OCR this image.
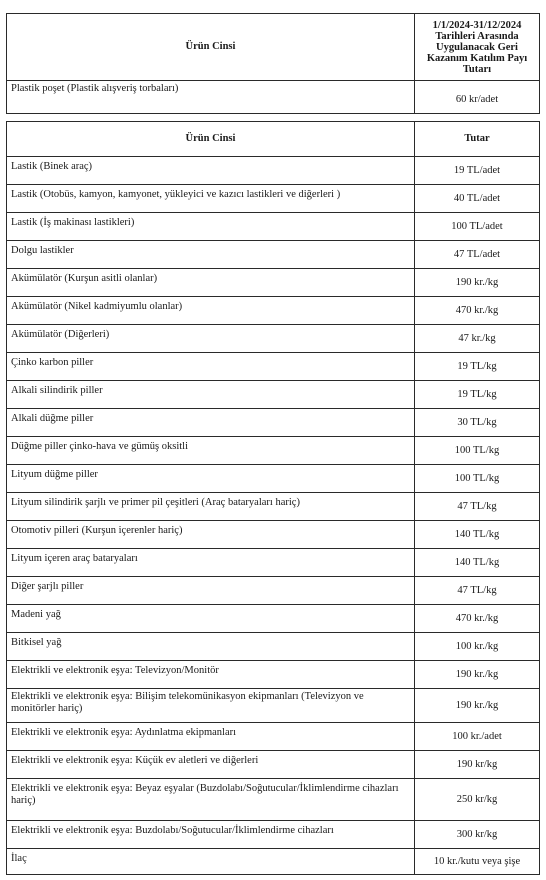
Ürün Cinsi	1/1/2024-31/12/2024 Tarihleri Arasında Uygulanacak Geri Kazanım Katılım Payı Tutarı
Plastik poşet (Plastik alışveriş torbaları)	60 kr/adet
Ürün Cinsi	Tutar
Lastik (Binek araç)	19 TL/adet
Lastik (Otobüs, kamyon, kamyonet, yükleyici ve kazıcı lastikleri ve diğerleri )	40 TL/adet
Lastik (İş makinası lastikleri)	100 TL/adet
Dolgu lastikler	47 TL/adet
Akümülatör (Kurşun asitli olanlar)	190 kr./kg
Akümülatör (Nikel kadmiyumlu olanlar)	470 kr./kg
Akümülatör (Diğerleri)	47 kr./kg
Çinko karbon piller	19 TL/kg
Alkali silindirik piller	19 TL/kg
Alkali düğme piller	30 TL/kg
Düğme piller çinko-hava ve gümüş oksitli	100 TL/kg
Lityum düğme piller	100 TL/kg
Lityum silindirik şarjlı ve primer pil çeşitleri (Araç bataryaları hariç)	47 TL/kg
Otomotiv pilleri (Kurşun içerenler hariç)	140 TL/kg
Lityum içeren araç bataryaları	140 TL/kg
Diğer şarjlı piller	47 TL/kg
Madeni yağ	470 kr./kg
Bitkisel yağ	100 kr./kg
Elektrikli ve elektronik eşya: Televizyon/Monitör	190 kr./kg
Elektrikli ve elektronik eşya: Bilişim telekomünikasyon ekipmanları (Televizyon ve monitörler hariç)	190 kr./kg
Elektrikli ve elektronik eşya: Aydınlatma ekipmanları	100 kr./adet
Elektrikli ve elektronik eşya: Küçük ev aletleri ve diğerleri	190 kr/kg
Elektrikli ve elektronik eşya: Beyaz eşyalar (Buzdolabı/Soğutucular/İklimlendirme cihazları hariç)	250 kr/kg
Elektrikli ve elektronik eşya: Buzdolabı/Soğutucular/İklimlendirme cihazları	300 kr/kg
İlaç	10 kr./kutu veya şişe
